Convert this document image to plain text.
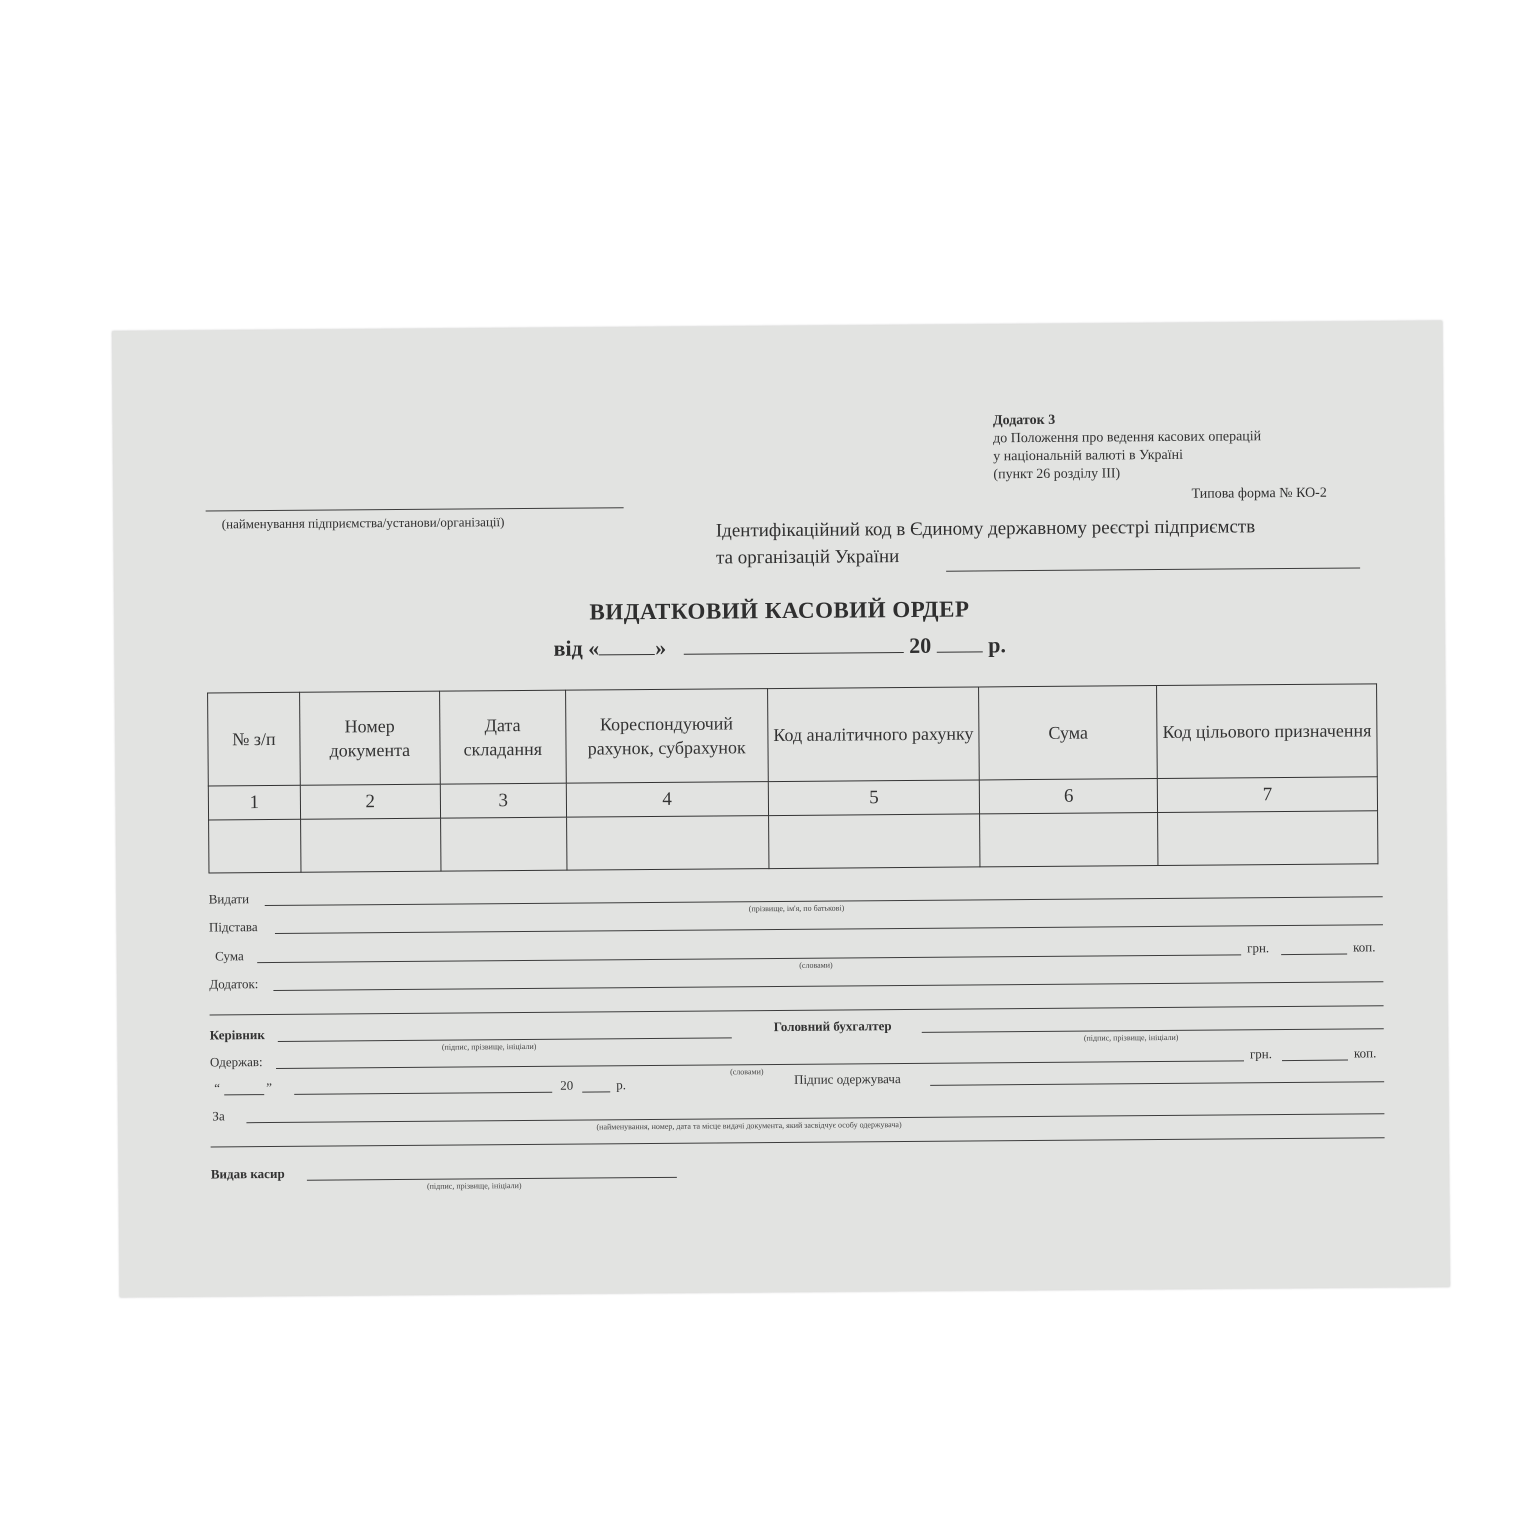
Додаток 3
до Положення про ведення касових операцій
у національній валюті в Україні
(пункт 26 розділу III)
Типова форма № КО-2
(найменування підприємства/установи/організації)	Ідентифікаційний код в Єдиному державному реєстрі підприємств
та організацій України
ВИДАТКОВИЙ КАСОВИЙ ОРДЕР
від «	»	20	р.
№ з/п	Номер документа	Дата складання	Кореспондуючий рахунок, субрахунок	Код аналітичного рахунку	Сума	Код цільового призначення
1	2	3	4	5	6	7

Видати
(прізвище, ім'я, по батькові)
Підстава
Сума
(словами)
грн.	коп.
Додаток:
Керівник
(підпис, прізвище, ініціали)
Головний бухгалтер
(підпис, прізвище, ініціали)
Одержав:
(словами)
грн.	коп.
“	”	20	р.	Підпис одержувача
За
(найменування, номер, дата та місце видачі документа, який засвідчує особу одержувача)
Видав касир
(підпис, прізвище, ініціали)
